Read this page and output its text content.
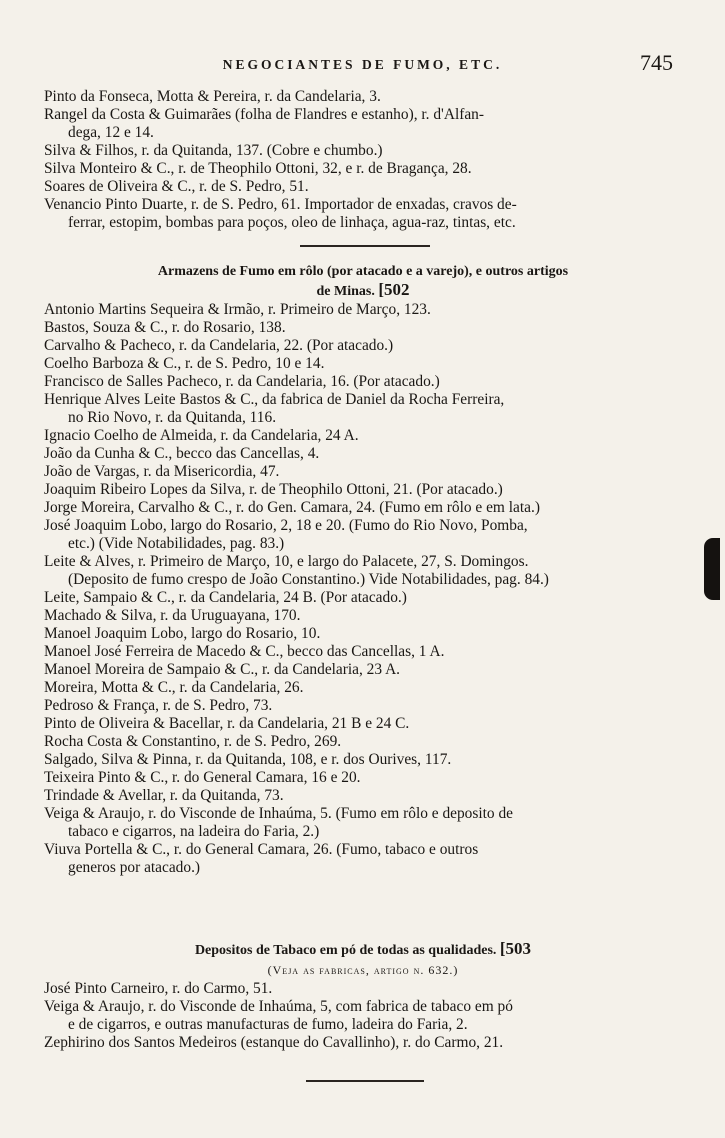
NEGOCIANTES DE FUMO, ETC.	745
Pinto da Fonseca, Motta & Pereira, r. da Candelaria, 3.
Rangel da Costa & Guimarães (folha de Flandres e estanho), r. d'Alfan-
dega, 12 e 14.
Silva & Filhos, r. da Quitanda, 137. (Cobre e chumbo.)
Silva Monteiro & C., r. de Theophilo Ottoni, 32, e r. de Bragança, 28.
Soares de Oliveira & C., r. de S. Pedro, 51.
Venancio Pinto Duarte, r. de S. Pedro, 61. Importador de enxadas, cravos de-
ferrar, estopim, bombas para poços, oleo de linhaça, agua-raz, tintas, etc.
Armazens de Fumo em rôlo (por atacado e a varejo), e outros artigos
de Minas. [502
Antonio Martins Sequeira & Irmão, r. Primeiro de Março, 123.
Bastos, Souza & C., r. do Rosario, 138.
Carvalho & Pacheco, r. da Candelaria, 22. (Por atacado.)
Coelho Barboza & C., r. de S. Pedro, 10 e 14.
Francisco de Salles Pacheco, r. da Candelaria, 16. (Por atacado.)
Henrique Alves Leite Bastos & C., da fabrica de Daniel da Rocha Ferreira,
no Rio Novo, r. da Quitanda, 116.
Ignacio Coelho de Almeida, r. da Candelaria, 24 A.
João da Cunha & C., becco das Cancellas, 4.
João de Vargas, r. da Misericordia, 47.
Joaquim Ribeiro Lopes da Silva, r. de Theophilo Ottoni, 21. (Por atacado.)
Jorge Moreira, Carvalho & C., r. do Gen. Camara, 24. (Fumo em rôlo e em lata.)
José Joaquim Lobo, largo do Rosario, 2, 18 e 20. (Fumo do Rio Novo, Pomba,
etc.) (Vide Notabilidades, pag. 83.)
Leite & Alves, r. Primeiro de Março, 10, e largo do Palacete, 27, S. Domingos.
(Deposito de fumo crespo de João Constantino.) Vide Notabilidades, pag. 84.)
Leite, Sampaio & C., r. da Candelaria, 24 B. (Por atacado.)
Machado & Silva, r. da Uruguayana, 170.
Manoel Joaquim Lobo, largo do Rosario, 10.
Manoel José Ferreira de Macedo & C., becco das Cancellas, 1 A.
Manoel Moreira de Sampaio & C., r. da Candelaria, 23 A.
Moreira, Motta & C., r. da Candelaria, 26.
Pedroso & França, r. de S. Pedro, 73.
Pinto de Oliveira & Bacellar, r. da Candelaria, 21 B e 24 C.
Rocha Costa & Constantino, r. de S. Pedro, 269.
Salgado, Silva & Pinna, r. da Quitanda, 108, e r. dos Ourives, 117.
Teixeira Pinto & C., r. do General Camara, 16 e 20.
Trindade & Avellar, r. da Quitanda, 73.
Veiga & Araujo, r. do Visconde de Inhaúma, 5. (Fumo em rôlo e deposito de
tabaco e cigarros, na ladeira do Faria, 2.)
Viuva Portella & C., r. do General Camara, 26. (Fumo, tabaco e outros
generos por atacado.)
Depositos de Tabaco em pó de todas as qualidades. [503
(Veja as fabricas, artigo n. 632.)
José Pinto Carneiro, r. do Carmo, 51.
Veiga & Araujo, r. do Visconde de Inhaúma, 5, com fabrica de tabaco em pó
e de cigarros, e outras manufacturas de fumo, ladeira do Faria, 2.
Zephirino dos Santos Medeiros (estanque do Cavallinho), r. do Carmo, 21.
